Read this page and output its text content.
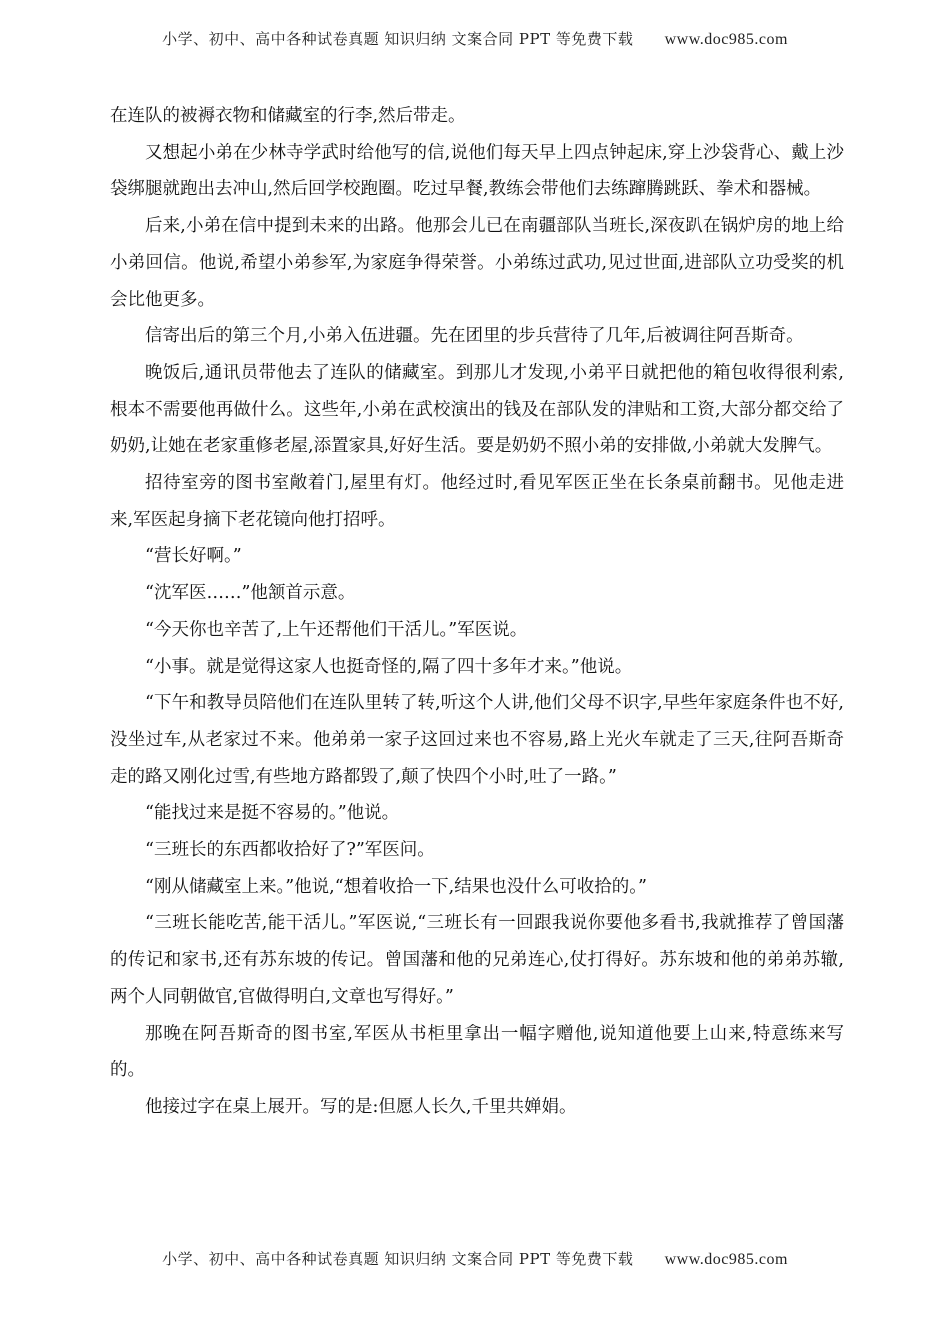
小学、初中、高中各种试卷真题 知识归纳 文案合同 PPT 等免费下载 www.doc985.com

在连队的被褥衣物和储藏室的行李,然后带走。

又想起小弟在少林寺学武时给他写的信,说他们每天早上四点钟起床,穿上沙袋背心、戴上沙袋绑腿就跑出去冲山,然后回学校跑圈。吃过早餐,教练会带他们去练蹿腾跳跃、拳术和器械。

后来,小弟在信中提到未来的出路。他那会儿已在南疆部队当班长,深夜趴在锅炉房的地上给小弟回信。他说,希望小弟参军,为家庭争得荣誉。小弟练过武功,见过世面,进部队立功受奖的机会比他更多。

信寄出后的第三个月,小弟入伍进疆。先在团里的步兵营待了几年,后被调往阿吾斯奇。

晚饭后,通讯员带他去了连队的储藏室。到那儿才发现,小弟平日就把他的箱包收得很利索,根本不需要他再做什么。这些年,小弟在武校演出的钱及在部队发的津贴和工资,大部分都交给了奶奶,让她在老家重修老屋,添置家具,好好生活。要是奶奶不照小弟的安排做,小弟就大发脾气。

招待室旁的图书室敞着门,屋里有灯。他经过时,看见军医正坐在长条桌前翻书。见他走进来,军医起身摘下老花镜向他打招呼。

“营长好啊。”

“沈军医……”他颔首示意。

“今天你也辛苦了,上午还帮他们干活儿。”军医说。

“小事。就是觉得这家人也挺奇怪的,隔了四十多年才来。”他说。

“下午和教导员陪他们在连队里转了转,听这个人讲,他们父母不识字,早些年家庭条件也不好,没坐过车,从老家过不来。他弟弟一家子这回过来也不容易,路上光火车就走了三天,往阿吾斯奇走的路又刚化过雪,有些地方路都毁了,颠了快四个小时,吐了一路。”

“能找过来是挺不容易的。”他说。

“三班长的东西都收拾好了?”军医问。

“刚从储藏室上来。”他说,“想着收拾一下,结果也没什么可收拾的。”

“三班长能吃苦,能干活儿。”军医说,“三班长有一回跟我说你要他多看书,我就推荐了曾国藩的传记和家书,还有苏东坡的传记。曾国藩和他的兄弟连心,仗打得好。苏东坡和他的弟弟苏辙,两个人同朝做官,官做得明白,文章也写得好。”

那晚在阿吾斯奇的图书室,军医从书柜里拿出一幅字赠他,说知道他要上山来,特意练来写的。

他接过字在桌上展开。写的是:但愿人长久,千里共婵娟。

小学、初中、高中各种试卷真题 知识归纳 文案合同 PPT 等免费下载 www.doc985.com
